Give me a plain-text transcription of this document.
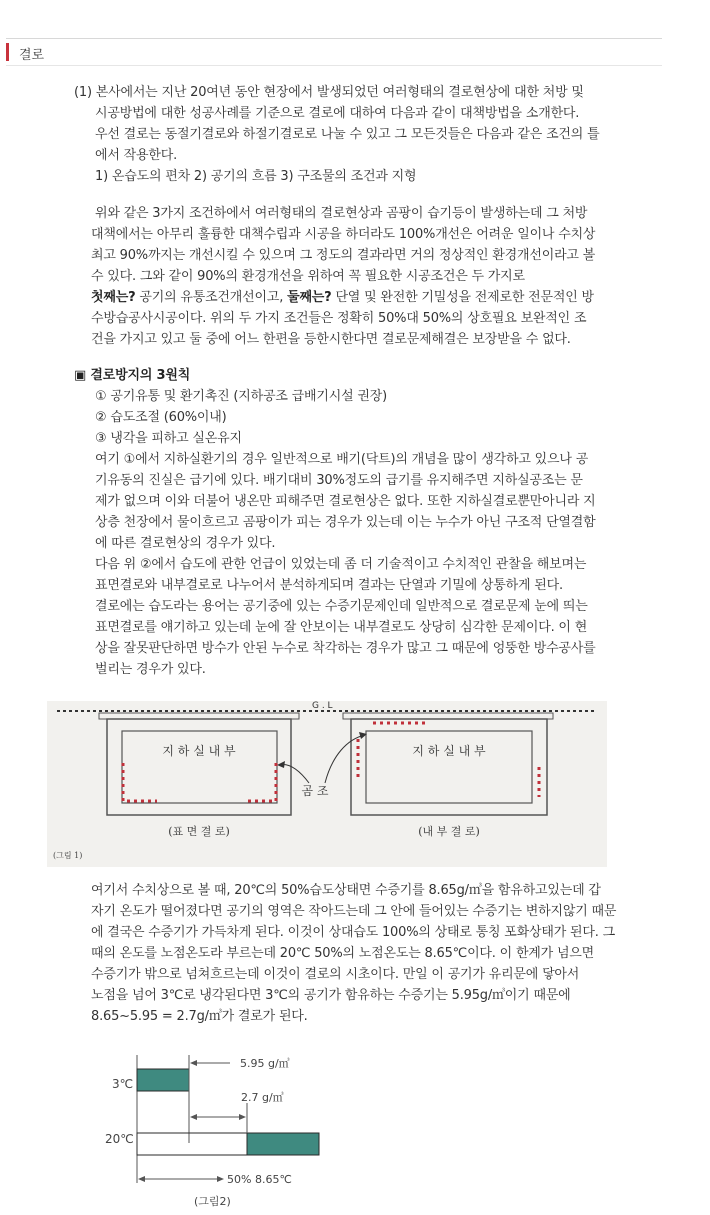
결로
(1) 본사에서는 지난 20여년 동안 현장에서 발생되었던 여러형태의 결로현상에 대한 처방 및
시공방법에 대한 성공사례를 기준으로 결로에 대하여 다음과 같이 대책방법을 소개한다.
우선 결로는 동절기결로와 하절기결로로 나눌 수 있고 그 모든것들은 다음과 같은 조건의 틀
에서 작용한다.
1) 온습도의 편차 2) 공기의 흐름 3) 구조물의 조건과 지형
위와 같은 3가지 조건하에서 여러형태의 결로현상과 곰팡이 습기등이 발생하는데 그 처방
대책에서는 아무리 훌륭한 대책수립과 시공을 하더라도 100%개선은 어려운 일이나 수치상
최고 90%까지는 개선시킬 수 있으며 그 정도의 결과라면 거의 정상적인 환경개선이라고 볼
수 있다. 그와 같이 90%의 환경개선을 위하여 꼭 필요한 시공조건은 두 가지로
첫째는? 공기의 유통조건개선이고, 둘째는? 단열 및 완전한 기밀성을 전제로한 전문적인 방
수방습공사시공이다. 위의 두 가지 조건들은 정확히 50%대 50%의 상호필요 보완적인 조
건을 가지고 있고 둘 중에 어느 한편을 등한시한다면 결로문제해결은 보장받을 수 없다.
▣ 결로방지의 3원칙
① 공기유통 및 환기촉진 (지하공조 급배기시설 권장)
② 습도조절 (60%이내)
③ 냉각을 피하고 실온유지
여기 ①에서 지하실환기의 경우 일반적으로 배기(닥트)의 개념을 많이 생각하고 있으나 공
기유동의 진실은 급기에 있다. 배기대비 30%정도의 급기를 유지해주면 지하실공조는 문
제가 없으며 이와 더불어 냉온만 피해주면 결로현상은 없다. 또한 지하실결로뿐만아니라 지
상층 천장에서 물이흐르고 곰팡이가 피는 경우가 있는데 이는 누수가 아닌 구조적 단열결함
에 따른 결로현상의 경우가 있다.
다음 위 ②에서 습도에 관한 언급이 있었는데 좀 더 기술적이고 수치적인 관찰을 해보며는
표면결로와 내부결로로 나누어서 분석하게되며 결과는 단열과 기밀에 상통하게 된다.
결로에는 습도라는 용어는 공기중에 있는 수증기문제인데 일반적으로 결로문제 눈에 띄는
표면결로를 얘기하고 있는데 눈에 잘 안보이는 내부결로도 상당히 심각한 문제이다. 이 현
상을 잘못판단하면 방수가 안된 누수로 착각하는 경우가 많고 그 때문에 엉뚱한 방수공사를
벌리는 경우가 있다.
G . L
지 하 실 내 부	지 하 실 내 부
곰 조
(표 면 결 로)	(내 부 결 로)
(그림 1)
여기서 수치상으로 볼 때, 20℃의 50%습도상태면 수증기를 8.65g/㎥을 함유하고있는데 갑
자기 온도가 떨어졌다면 공기의 영역은 작아드는데 그 안에 들어있는 수증기는 변하지않기 때문
에 결국은 수증기가 가득차게 된다. 이것이 상대습도 100%의 상태로 통칭 포화상태가 된다. 그
때의 온도를 노점온도라 부르는데 20℃ 50%의 노점온도는 8.65℃이다. 이 한계가 넘으면
수증기가 밖으로 넘쳐흐르는데 이것이 결로의 시초이다. 만일 이 공기가 유리문에 닿아서
노점을 넘어 3℃로 냉각된다면 3℃의 공기가 함유하는 수증기는 5.95g/㎥이기 때문에
8.65~5.95 = 2.7g/㎥가 결로가 된다.
3℃
20℃
5.95 g/㎥
2.7 g/㎥
50% 8.65℃
(그림2)
